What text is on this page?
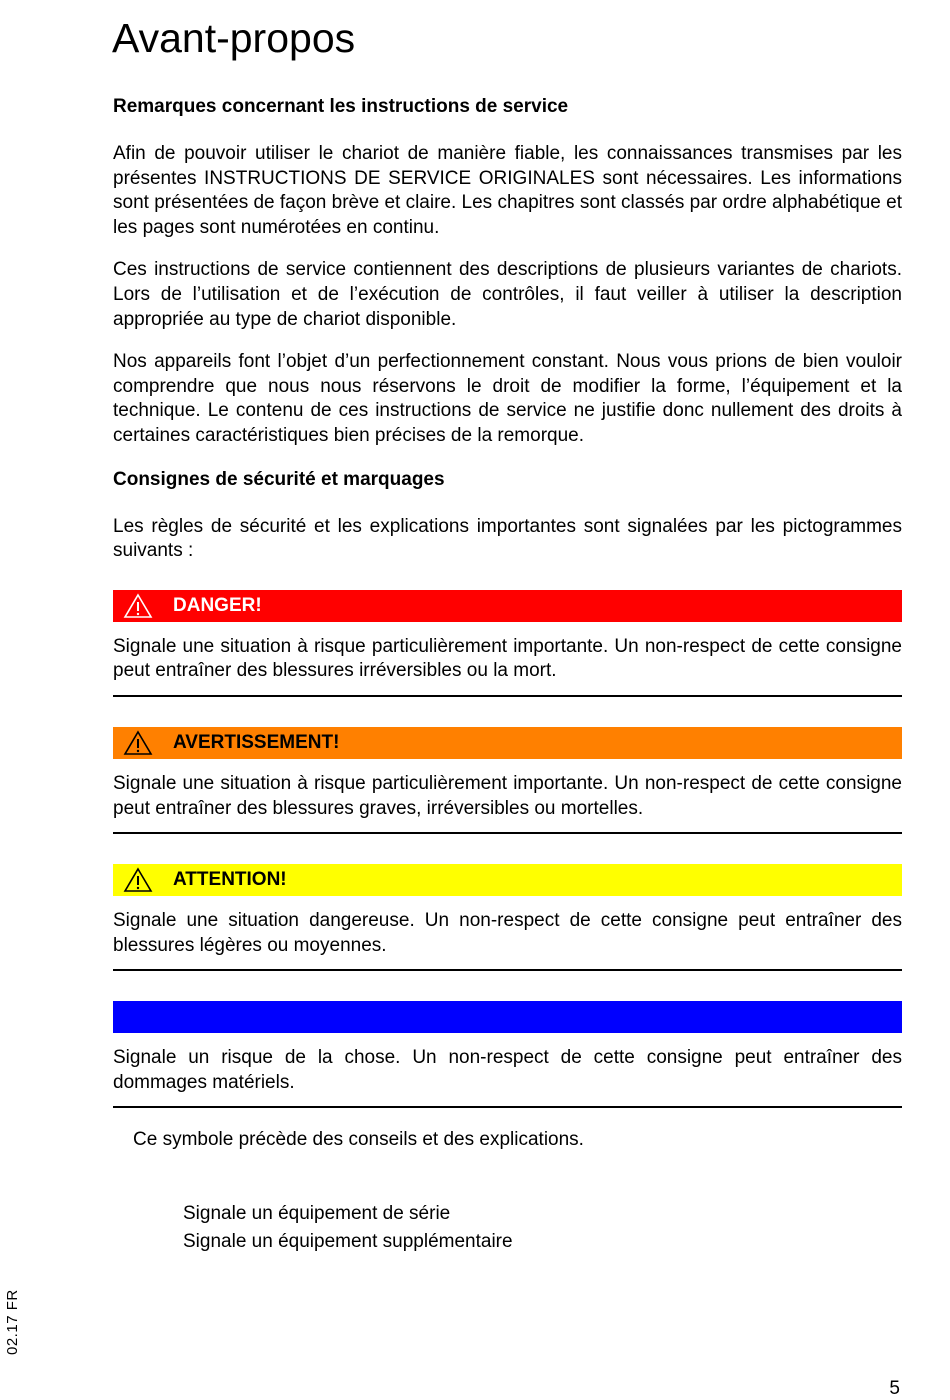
Avant-propos
Remarques concernant les instructions de service

Afin de pouvoir utiliser le chariot de manière fiable, les connaissances transmises par les présentes INSTRUCTIONS DE SERVICE ORIGINALES sont nécessaires. Les informations sont présentées de façon brève et claire. Les chapitres sont classés par ordre alphabétique et les pages sont numérotées en continu.

Ces instructions de service contiennent des descriptions de plusieurs variantes de chariots. Lors de l’utilisation et de l’exécution de contrôles, il faut veiller à utiliser la description appropriée au type de chariot disponible.

Nos appareils font l’objet d’un perfectionnement constant. Nous vous prions de bien vouloir comprendre que nous nous réservons le droit de modifier la forme, l’équipement et la technique. Le contenu de ces instructions de service ne justifie donc nullement des droits à certaines caractéristiques bien précises de la remorque.

Consignes de sécurité et marquages

Les règles de sécurité et les explications importantes sont signalées par les pictogrammes suivants :

DANGER!

Signale une situation à risque particulièrement importante. Un non-respect de cette consigne peut entraîner des blessures irréversibles ou la mort.

AVERTISSEMENT!

Signale une situation à risque particulièrement importante. Un non-respect de cette consigne peut entraîner des blessures graves, irréversibles ou mortelles.

ATTENTION!

Signale une situation dangereuse. Un non-respect de cette consigne peut entraîner des blessures légères ou moyennes.

Signale un risque de la chose. Un non-respect de cette consigne peut entraîner des dommages matériels.

Ce symbole précède des conseils et des explications.
Signale un équipement de série
Signale un équipement supplémentaire
02.17 FR
5
